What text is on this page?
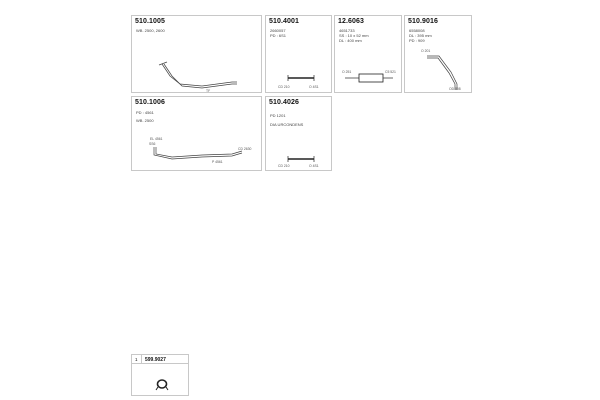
510.1005
WB. 2500, 2600
TF
510.4001
2660057
PD : 6S1
CD 210	O 4S1
12.6063
4651733
SS : 10 x 52 mm
DL : 400 mm
O 251	C5 521
510.9016
6558008
DL : 395 mm
PD : 909
O 201
OD 898
510.1006
PD : 4561
WB. 2500
EL 4561
CD 2630
SS6
P 4561
510.4026
PD 1201
DIA URCONDENS
CD 210	O 4S1
1 599.9027
